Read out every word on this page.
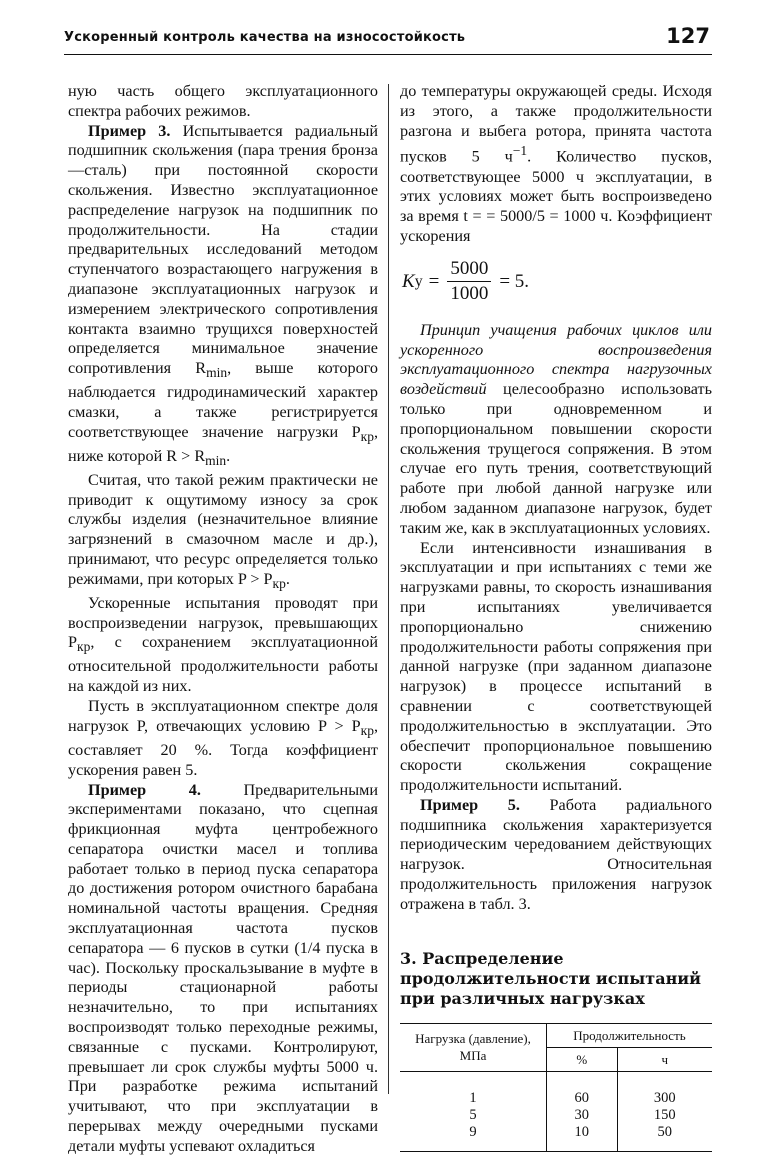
Ускоренный контроль качества на износостойкость	127

ную часть общего эксплуатационного спектра рабочих режимов.

Пример 3. Испытывается радиальный подшипник скольжения (пара трения бронза—сталь) при постоянной скорости скольжения. Известно эксплуатационное распределение нагрузок на подшипник по продолжительности. На стадии предварительных исследований методом ступенчатого возрастающего нагружения в диапазоне эксплуатационных нагрузок и измерением электрического сопротивления контакта взаимно трущихся поверхностей определяется минимальное значение сопротивления $R_{min}$, выше которого наблюдается гидродинамический характер смазки, а также регистрируется соответствующее значение нагрузки $P_{кр}$, ниже которой $R > R_{min}$.

Считая, что такой режим практически не приводит к ощутимому износу за срок службы изделия (незначительное влияние загрязнений в смазочном масле и др.), принимают, что ресурс определяется только режимами, при которых $P > P_{кр}$.

Ускоренные испытания проводят при воспроизведении нагрузок, превышающих $P_{кр}$, с сохранением эксплуатационной относительной продолжительности работы на каждой из них.

Пусть в эксплуатационном спектре доля нагрузок P, отвечающих условию $P > P_{кр}$, составляет 20 %. Тогда коэффициент ускорения равен 5.

Пример 4. Предварительными экспериментами показано, что сцепная фрикционная муфта центробежного сепаратора очистки масел и топлива работает только в период пуска сепаратора до достижения ротором очистного барабана номинальной частоты вращения. Средняя эксплуатационная частота пусков сепаратора — 6 пусков в сутки (1/4 пуска в час). Поскольку проскальзывание в муфте в периоды стационарной работы незначительно, то при испытаниях воспроизводят только переходные режимы, связанные с пусками. Контролируют, превышает ли срок службы муфты 5000 ч. При разработке режима испытаний учитывают, что при эксплуатации в перерывах между очередными пусками детали муфты успевают охладиться

до температуры окружающей среды. Исходя из этого, а также продолжительности разгона и выбега ротора, принята частота пусков 5 $ч^{-1}$. Количество пусков, соответствующее 5000 ч эксплуатации, в этих условиях может быть воспроизведено за время t = = 5000/5 = 1000 ч. Коэффициент ускорения

K $у = \frac{5000}{1000} = 5$.

Принцип учащения рабочих циклов или ускоренного воспроизведения эксплуатационного спектра нагрузочных воздействий целесообразно использовать только при одновременном и пропорциональном повышении скорости скольжения трущегося сопряжения. В этом случае его путь трения, соответствующий работе при любой данной нагрузке или любом заданном диапазоне нагрузок, будет таким же, как в эксплуатационных условиях.

Если интенсивности изнашивания в эксплуатации и при испытаниях с теми же нагрузками равны, то скорость изнашивания при испытаниях увеличивается пропорционально снижению продолжительности работы сопряжения при данной нагрузке (при заданном диапазоне нагрузок) в процессе испытаний в сравнении с соответствующей продолжительностью в эксплуатации. Это обеспечит пропорциональное повышению скорости скольжения сокращение продолжительности испытаний.

Пример 5. Работа радиального подшипника скольжения характеризуется периодическим чередованием действующих нагрузок. Относительная продолжительность приложения нагрузок отражена в табл. 3.

3. Распределение продолжительности испытаний при различных нагрузках
Нагрузка (давление), МПа	Продолжительность	
	%	ч
1	60	300
5	30	150
9	10	50
